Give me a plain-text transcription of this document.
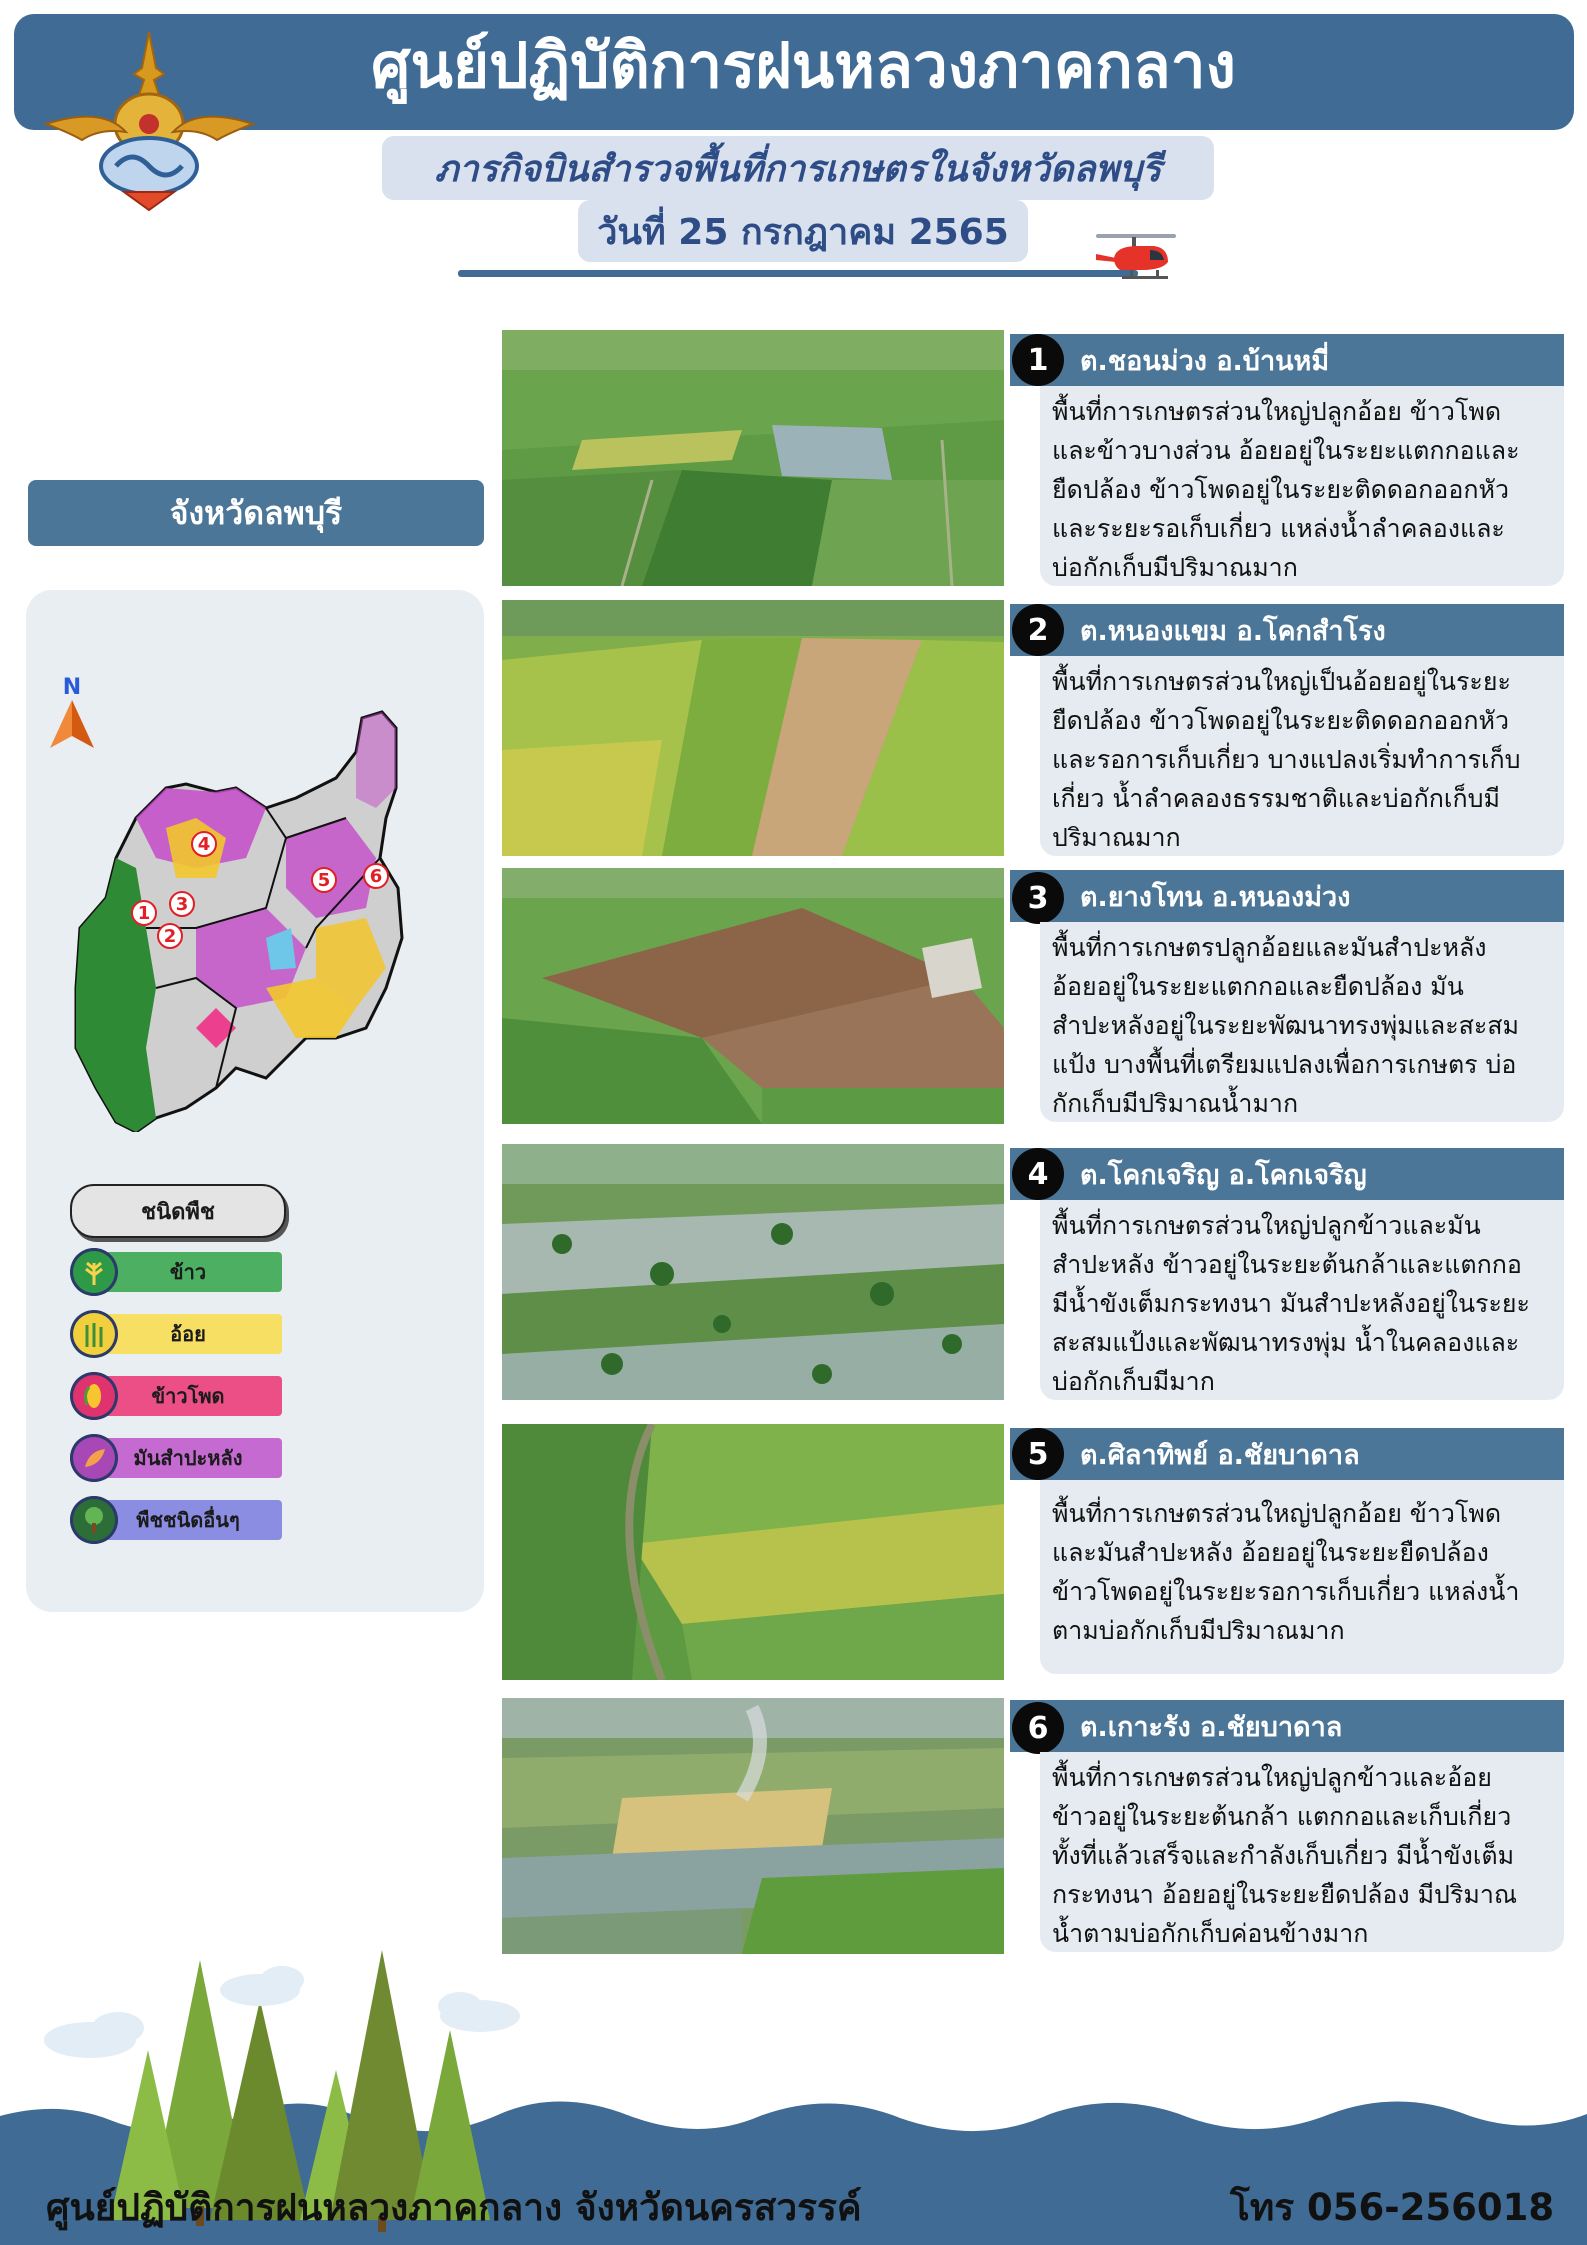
ศูนย์ปฏิบัติการฝนหลวงภาคกลาง
ภารกิจบินสำรวจพื้นที่การเกษตรในจังหวัดลพบุรี
วันที่ 25 กรกฎาคม 2565
จังหวัดลพบุรี
N
1
2
3
4
5 6
ชนิดพืช
ข้าว
อ้อย
ข้าวโพด
มันสำปะหลัง
พืชชนิดอื่นๆ
ต.ชอนม่วง อ.บ้านหมี่
1
พื้นที่การเกษตรส่วนใหญ่ปลูกอ้อย ข้าวโพด
และข้าวบางส่วน อ้อยอยู่ในระยะแตกกอและ
ยืดปล้อง ข้าวโพดอยู่ในระยะติดดอกออกหัว
และระยะรอเก็บเกี่ยว แหล่งน้ำลำคลองและ
บ่อกักเก็บมีปริมาณมาก
ต.หนองแขม อ.โคกสำโรง
2
พื้นที่การเกษตรส่วนใหญ่เป็นอ้อยอยู่ในระยะ
ยืดปล้อง ข้าวโพดอยู่ในระยะติดดอกออกหัว
และรอการเก็บเกี่ยว บางแปลงเริ่มทำการเก็บ
เกี่ยว น้ำลำคลองธรรมชาติและบ่อกักเก็บมี
ปริมาณมาก
ต.ยางโทน อ.หนองม่วง
3
พื้นที่การเกษตรปลูกอ้อยและมันสำปะหลัง
อ้อยอยู่ในระยะแตกกอและยืดปล้อง มัน
สำปะหลังอยู่ในระยะพัฒนาทรงพุ่มและสะสม
แป้ง บางพื้นที่เตรียมแปลงเพื่อการเกษตร บ่อ
กักเก็บมีปริมาณน้ำมาก
ต.โคกเจริญ อ.โคกเจริญ
4
พื้นที่การเกษตรส่วนใหญ่ปลูกข้าวและมัน
สำปะหลัง ข้าวอยู่ในระยะต้นกล้าและแตกกอ
มีน้ำขังเต็มกระทงนา มันสำปะหลังอยู่ในระยะ
สะสมแป้งและพัฒนาทรงพุ่ม น้ำในคลองและ
บ่อกักเก็บมีมาก
ต.ศิลาทิพย์ อ.ชัยบาดาล
5
พื้นที่การเกษตรส่วนใหญ่ปลูกอ้อย ข้าวโพด
และมันสำปะหลัง อ้อยอยู่ในระยะยืดปล้อง
ข้าวโพดอยู่ในระยะรอการเก็บเกี่ยว แหล่งน้ำ
ตามบ่อกักเก็บมีปริมาณมาก
ต.เกาะรัง อ.ชัยบาดาล
6
พื้นที่การเกษตรส่วนใหญ่ปลูกข้าวและอ้อย
ข้าวอยู่ในระยะต้นกล้า แตกกอและเก็บเกี่ยว
ทั้งที่แล้วเสร็จและกำลังเก็บเกี่ยว มีน้ำขังเต็ม
กระทงนา อ้อยอยู่ในระยะยืดปล้อง มีปริมาณ
น้ำตามบ่อกักเก็บค่อนข้างมาก
ศูนย์ปฏิบัติการฝนหลวงภาคกลาง จังหวัดนครสวรรค์	โทร 056-256018
